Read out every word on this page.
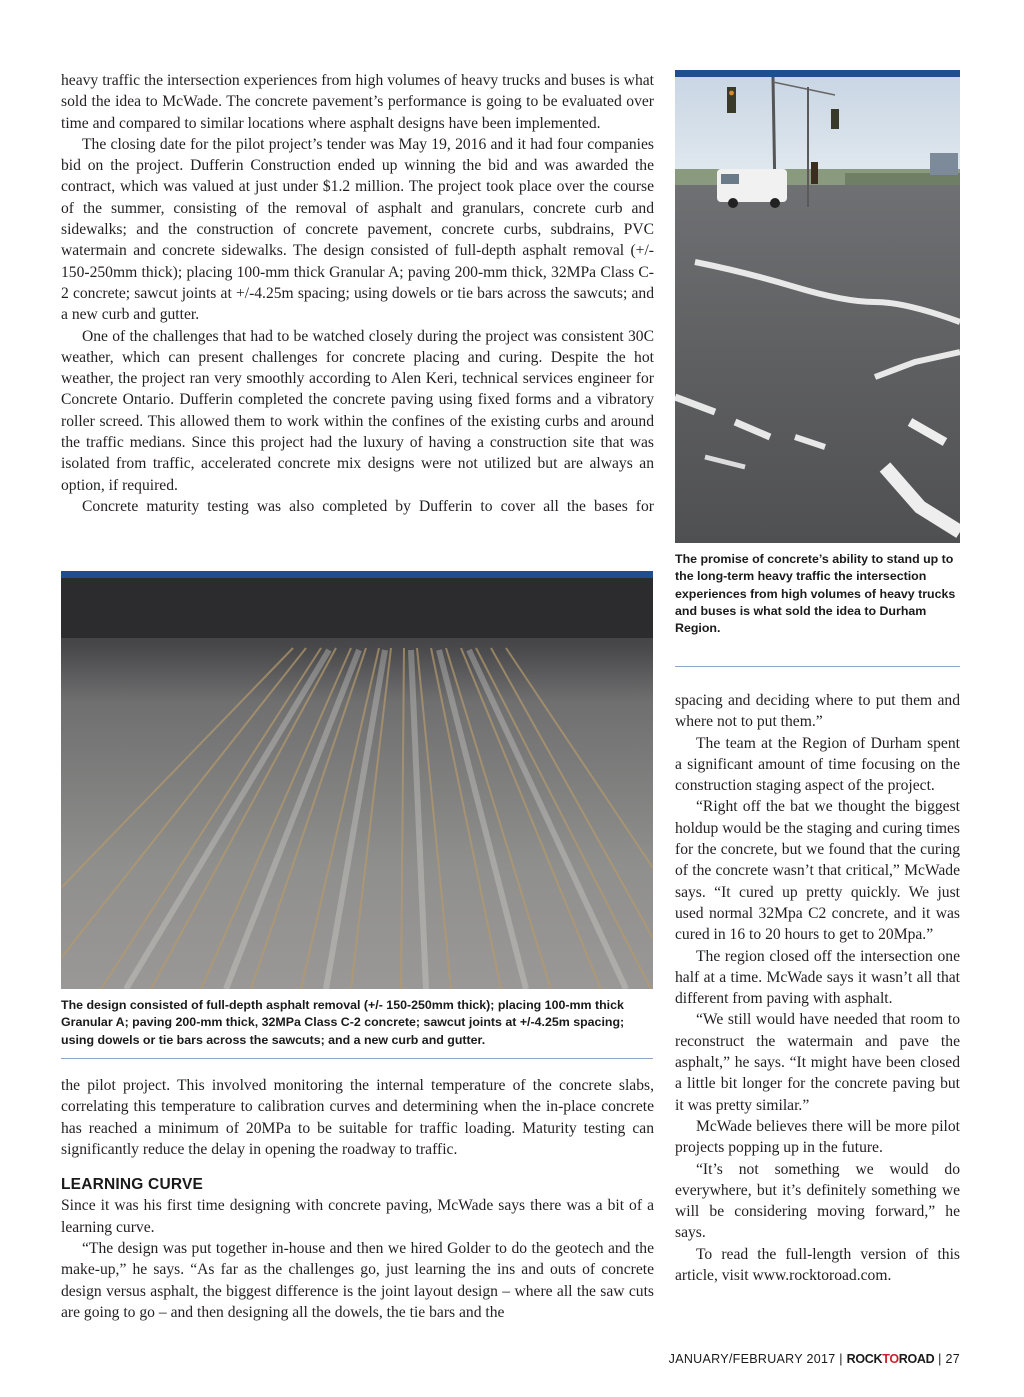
heavy traffic the intersection experiences from high volumes of heavy trucks and buses is what sold the idea to McWade. The concrete pavement’s performance is going to be evaluated over time and compared to similar locations where asphalt designs have been implemented.

The closing date for the pilot project’s tender was May 19, 2016 and it had four companies bid on the project. Dufferin Construction ended up winning the bid and was awarded the contract, which was valued at just under $1.2 million. The project took place over the course of the summer, consisting of the removal of asphalt and granulars, concrete curb and sidewalks; and the construction of concrete pavement, concrete curbs, subdrains, PVC watermain and concrete sidewalks. The design consisted of full-depth asphalt removal (+/- 150-250mm thick); placing 100-mm thick Granular A; paving 200-mm thick, 32MPa Class C-2 concrete; sawcut joints at +/-4.25m spacing; using dowels or tie bars across the sawcuts; and a new curb and gutter.

One of the challenges that had to be watched closely during the project was consistent 30C weather, which can present challenges for concrete placing and curing. Despite the hot weather, the project ran very smoothly according to Alen Keri, technical services engineer for Concrete Ontario. Dufferin completed the concrete paving using fixed forms and a vibratory roller screed. This allowed them to work within the confines of the existing curbs and around the traffic medians. Since this project had the luxury of having a construction site that was isolated from traffic, accelerated concrete mix designs were not utilized but are always an option, if required.

Concrete maturity testing was also completed by Dufferin to cover all the bases for

The promise of concrete’s ability to stand up to the long-term heavy traffic the intersection experiences from high volumes of heavy trucks and buses is what sold the idea to Durham Region.
The design consisted of full-depth asphalt removal (+/- 150-250mm thick); placing 100-mm thick Granular A; paving 200-mm thick, 32MPa Class C-2 concrete; sawcut joints at +/-4.25m spacing; using dowels or tie bars across the sawcuts; and a new curb and gutter.

the pilot project. This involved monitoring the internal temperature of the concrete slabs, correlating this temperature to calibration curves and determining when the in-place concrete has reached a minimum of 20MPa to be suitable for traffic loading. Maturity testing can significantly reduce the delay in opening the roadway to traffic.

LEARNING CURVE

Since it was his first time designing with concrete paving, McWade says there was a bit of a learning curve.

“The design was put together in-house and then we hired Golder to do the geotech and the make-up,” he says. “As far as the challenges go, just learning the ins and outs of concrete design versus asphalt, the biggest difference is the joint layout design – where all the saw cuts are going to go – and then designing all the dowels, the tie bars and the

spacing and deciding where to put them and where not to put them.”

The team at the Region of Durham spent a significant amount of time focusing on the construction staging aspect of the project.

“Right off the bat we thought the biggest holdup would be the staging and curing times for the concrete, but we found that the curing of the concrete wasn’t that critical,” McWade says. “It cured up pretty quickly. We just used normal 32Mpa C2 concrete, and it was cured in 16 to 20 hours to get to 20Mpa.”

The region closed off the intersection one half at a time. McWade says it wasn’t all that different from paving with asphalt.

“We still would have needed that room to reconstruct the watermain and pave the asphalt,” he says. “It might have been closed a little bit longer for the concrete paving but it was pretty similar.”

McWade believes there will be more pilot projects popping up in the future.

“It’s not something we would do everywhere, but it’s definitely something we will be considering moving forward,” he says.

To read the full-length version of this article, visit www.rocktoroad.com.

JANUARY/FEBRUARY 2017 | ROCKTOROAD | 27
